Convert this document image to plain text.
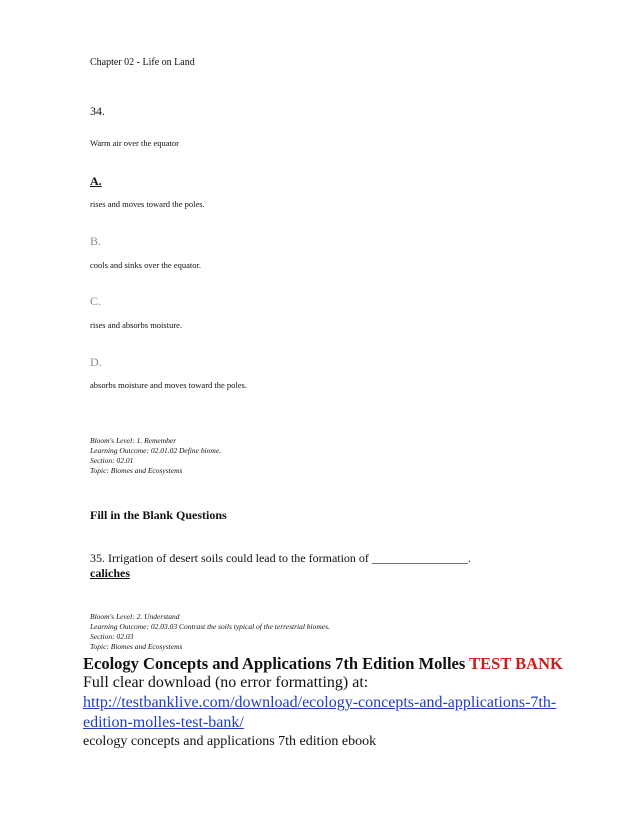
Chapter 02 - Life on Land
34.
Warm air over the equator
A.
rises and moves toward the poles.
B.
cools and sinks over the equator.
C.
rises and absorbs moisture.
D.
absorbs moisture and moves toward the poles.
Bloom's Level: 1. Remember
Learning Outcome: 02.01.02 Define biome.
Section: 02.01
Topic: Biomes and Ecosystems
Fill in the Blank Questions
35. Irrigation of desert soils could lead to the formation of ________________.
caliches
Bloom's Level: 2. Understand
Learning Outcome: 02.03.03 Contrast the soils typical of the terrestrial biomes.
Section: 02.03
Topic: Biomes and Ecosystems
Ecology Concepts and Applications 7th Edition Molles TEST BANK
Full clear download (no error formatting) at:
http://testbanklive.com/download/ecology-concepts-and-applications-7th-
edition-molles-test-bank/
ecology concepts and applications 7th edition ebook
